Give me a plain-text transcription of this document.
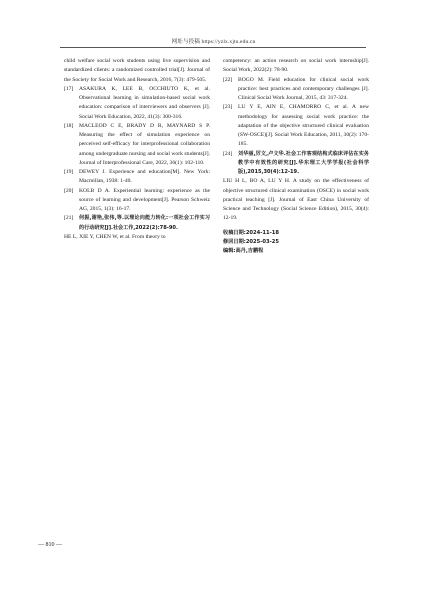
网址与投稿 https://yzlx.xjtu.edu.cn

child welfare social work students using live supervision and standardized clients: a randomized controlled trial[J]. Journal of the Society for Social Work and Research, 2016, 7(3): 479-505.

[17] ASAKURA K, LEE B, OCCHIUTO K, et al. Observational learning in simulation-based social work education: comparison of interviewers and observers [J]. Social Work Education, 2022, 41(3): 300-316.

[18] MACLEOD C E, BRADY D R, MAYNARD S P. Measuring the effect of simulation experience on perceived self-efficacy for interprofessional collaboration among undergraduate nursing and social work students[J]. Journal of Interprofessional Care, 2022, 36(1): 102-110.

[19] DEWEY J. Experience and education[M]. New York: Macmillan, 1938: 1-40.

[20] KOLB D A. Experiential learning: experience as the source of learning and development[J]. Pearson Schweiz AG, 2015, 1(3): 16-17.

[21] 何振,谢艳,张伟,等.以理论向能力转化:一项社会工作实习的行动研究[J].社会工作,2022(2):78-90.

HE L, XIE Y, CHEN W, et al. From theory to

competency: an action research on social work internship[J]. Social Work, 2022(2): 78-90.

[22] BOGO M. Field education for clinical social work practice: best practices and contemporary challenges [J]. Clinical Social Work Journal, 2015, 43: 317-324.

[23] LU Y E, AIN E, CHAMORRO C, et al. A new methodology for assessing social work practice: the adaptation of the objective structured clinical evaluation (SW-OSCE)[J]. Social Work Education, 2011, 30(2): 170-185.

[24] 刘华丽,厉文,卢文华.社会工作客观结构式临床评估在实务教学中有效性的研究[J].华东理工大学学报(社会科学版),2015,30(4):12-19.

LIU H L, BO A, LU Y H. A study on the effectiveness of objective structured clinical examination (OSCE) in social work practical teaching [J]. Journal of East China University of Science and Technology (Social Science Edition), 2015, 30(4): 12-19.

收稿日期:2024-11-18
修回日期:2025-03-25
编辑:高丹,吉鹏程
— 810 —
